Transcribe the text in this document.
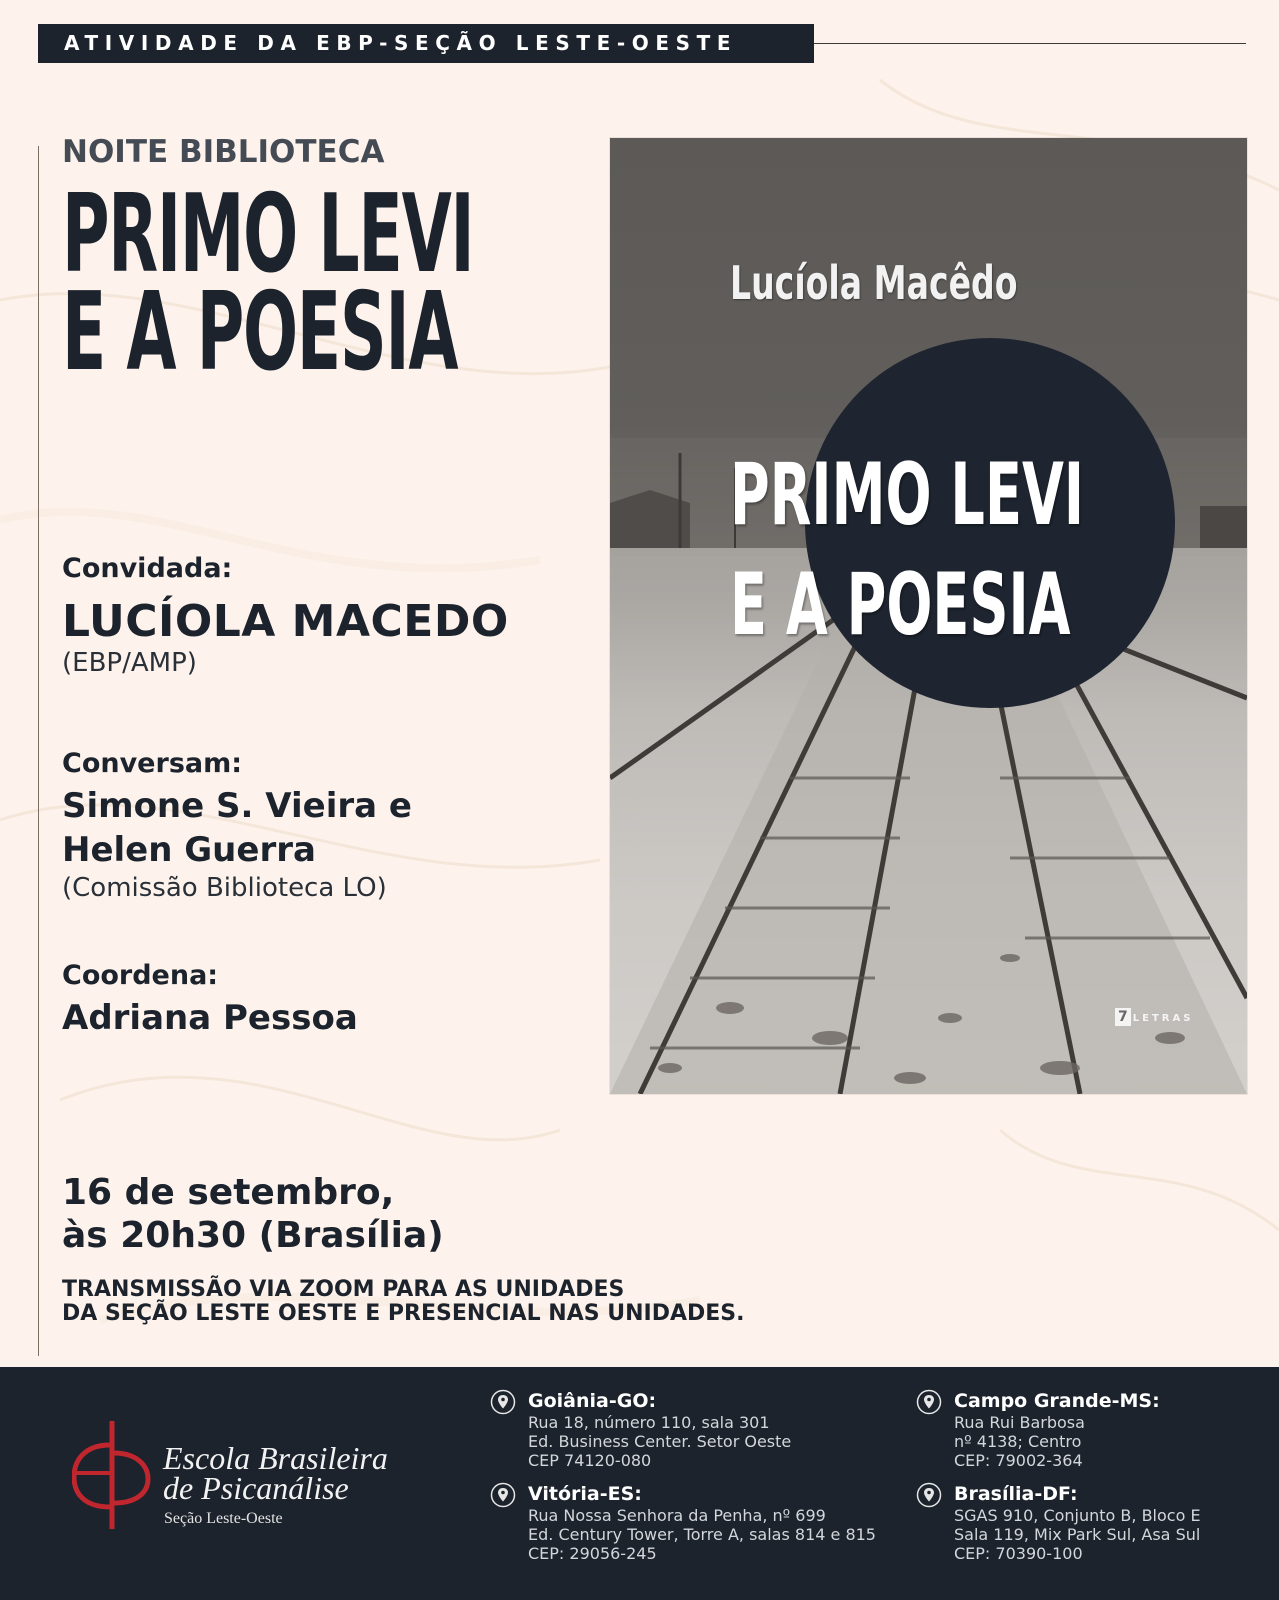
ATIVIDADE DA EBP-SEÇÃO LESTE-OESTE
NOITE BIBLIOTECA
PRIMO LEVI
E A POESIA
Convidada:
LUCÍOLA MACEDO
(EBP/AMP)
Conversam:
Simone S. Vieira e
Helen Guerra
(Comissão Biblioteca LO)
Coordena:
Adriana Pessoa
16 de setembro,
às 20h30 (Brasília)
TRANSMISSÃO VIA ZOOM PARA AS UNIDADES
DA SEÇÃO LESTE OESTE E PRESENCIAL NAS UNIDADES.
Lucíola Macêdo
PRIMO LEVI
E A POESIA
7 LETRAS
Escola Brasileira
de Psicanálise
Seção Leste-Oeste
Goiânia-GO:
Rua 18, número 110, sala 301
Ed. Business Center. Setor Oeste
CEP 74120-080
Vitória-ES:
Rua Nossa Senhora da Penha, nº 699
Ed. Century Tower, Torre A, salas 814 e 815
CEP: 29056-245
Campo Grande-MS:
Rua Rui Barbosa
nº 4138; Centro
CEP: 79002-364
Brasília-DF:
SGAS 910, Conjunto B, Bloco E
Sala 119, Mix Park Sul, Asa Sul
CEP: 70390-100
